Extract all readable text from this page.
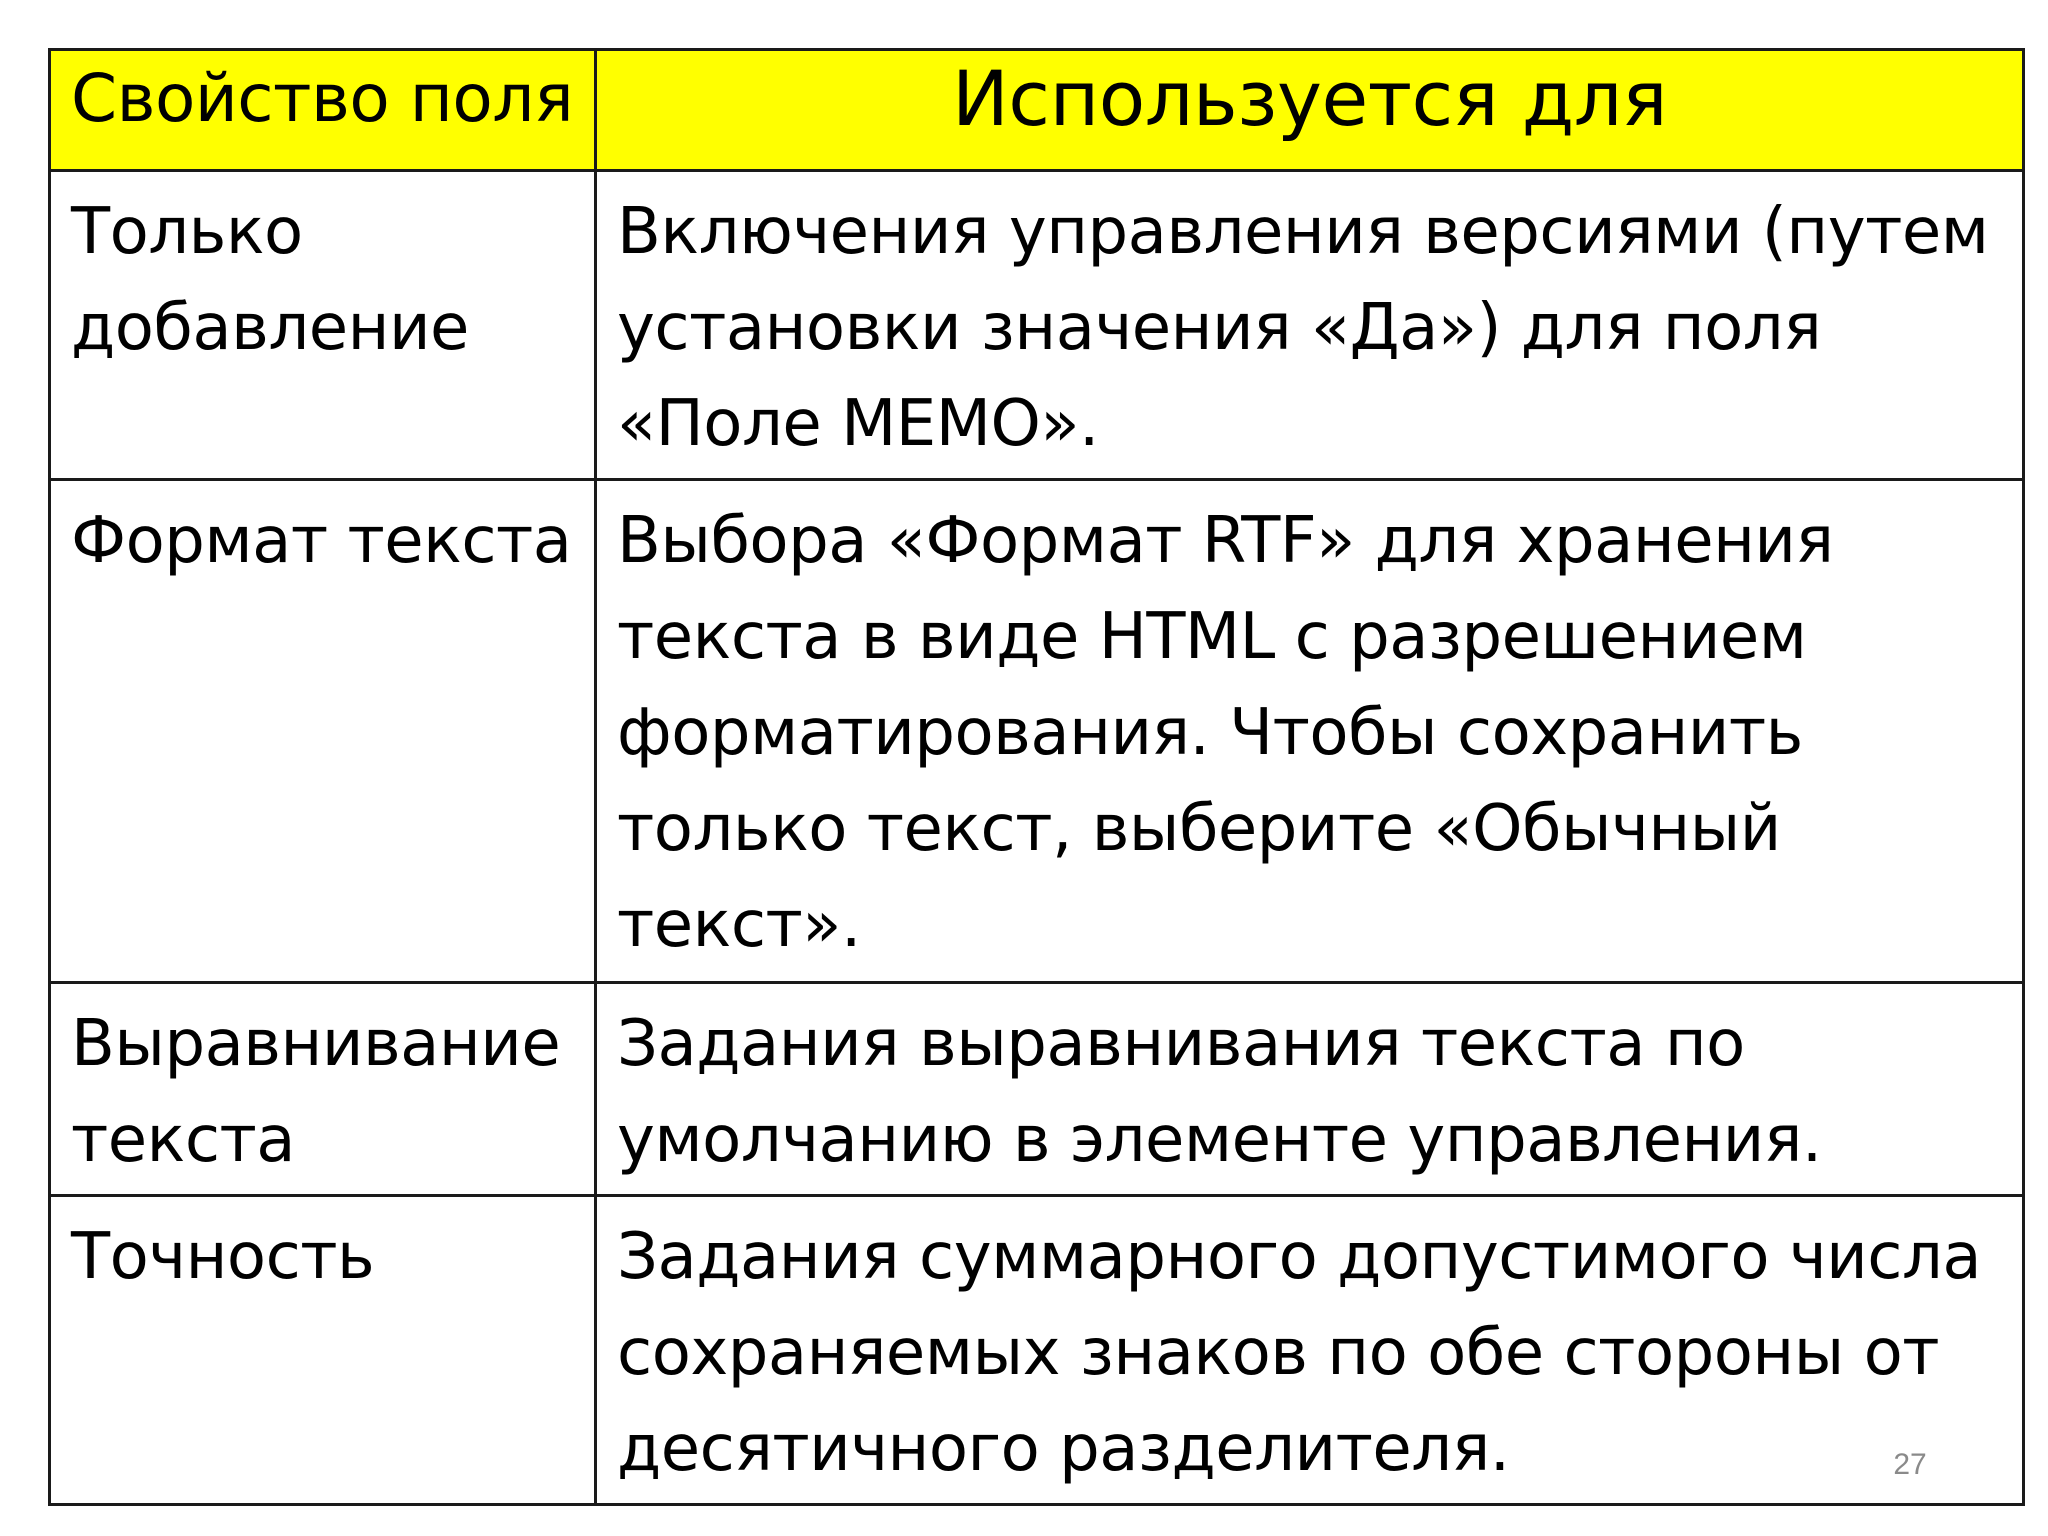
Свойство поля	Используется для

Только добавление	Включения управления версиями (путем установки значения «Да») для поля «Поле MEMO».

Формат текста	Выбора «Формат RTF» для хранения текста в виде HTML с разрешением форматирования. Чтобы сохранить только текст, выберите «Обычный текст».

Выравнивание текста	Задания выравнивания текста по умолчанию в элементе управления.

Точность	Задания суммарного допустимого числа сохраняемых знаков по обе стороны от десятичного разделителя.	27
